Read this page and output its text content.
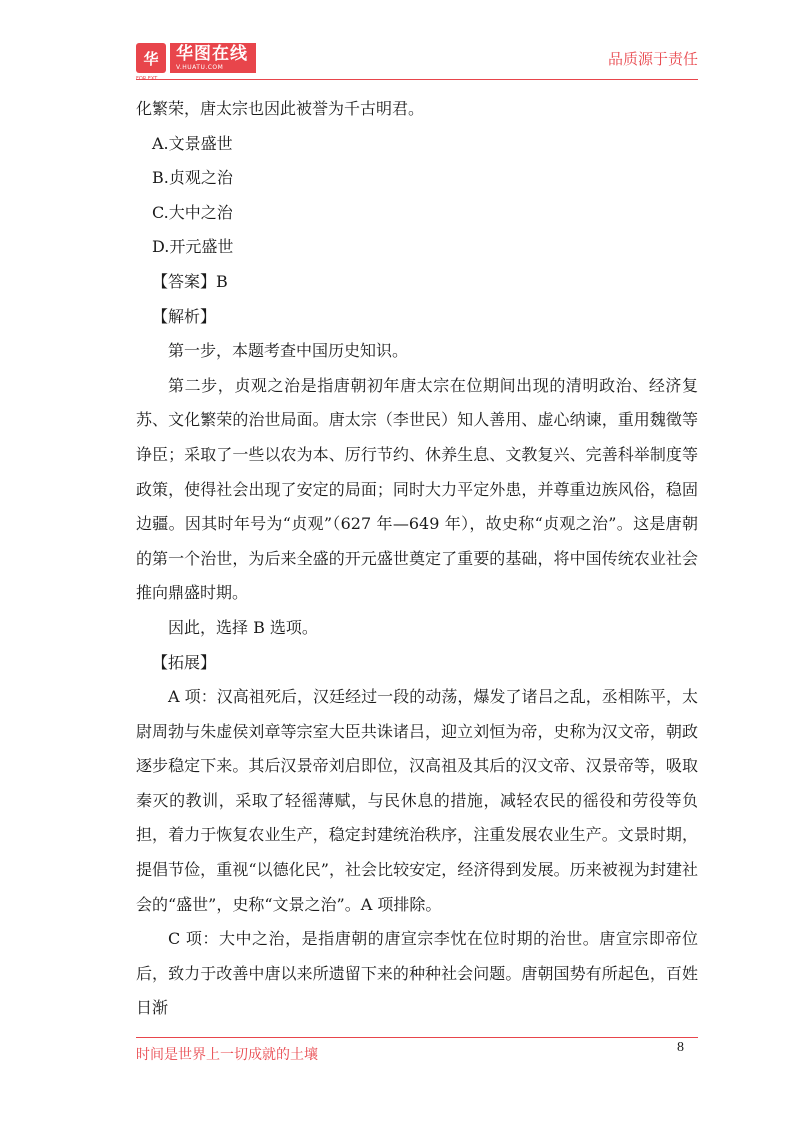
华 华图在线
V.HUATU.COM	品质源于责任

化繁荣，唐太宗也因此被誉为千古明君。

A.文景盛世

B.贞观之治

C.大中之治

D.开元盛世

【答案】B

【解析】

第一步，本题考查中国历史知识。

第二步，贞观之治是指唐朝初年唐太宗在位期间出现的清明政治、经济复苏、文化繁荣的治世局面。唐太宗（李世民）知人善用、虚心纳谏，重用魏徵等诤臣；采取了一些以农为本、厉行节约、休养生息、文教复兴、完善科举制度等政策，使得社会出现了安定的局面；同时大力平定外患，并尊重边族风俗，稳固边疆。因其时年号为“贞观”（627 年—649 年），故史称“贞观之治”。这是唐朝的第一个治世，为后来全盛的开元盛世奠定了重要的基础，将中国传统农业社会推向鼎盛时期。

因此，选择 B 选项。

【拓展】

A 项：汉高祖死后，汉廷经过一段的动荡，爆发了诸吕之乱，丞相陈平，太尉周勃与朱虚侯刘章等宗室大臣共诛诸吕，迎立刘恒为帝，史称为汉文帝，朝政逐步稳定下来。其后汉景帝刘启即位，汉高祖及其后的汉文帝、汉景帝等，吸取秦灭的教训，采取了轻徭薄赋，与民休息的措施，减轻农民的徭役和劳役等负担，着力于恢复农业生产，稳定封建统治秩序，注重发展农业生产。文景时期，提倡节俭，重视“以德化民”，社会比较安定，经济得到发展。历来被视为封建社会的“盛世”，史称“文景之治”。A 项排除。

C 项：大中之治，是指唐朝的唐宣宗李忱在位时期的治世。唐宣宗即帝位后，致力于改善中唐以来所遗留下来的种种社会问题。唐朝国势有所起色，百姓日渐

时间是世界上一切成就的土壤	8
